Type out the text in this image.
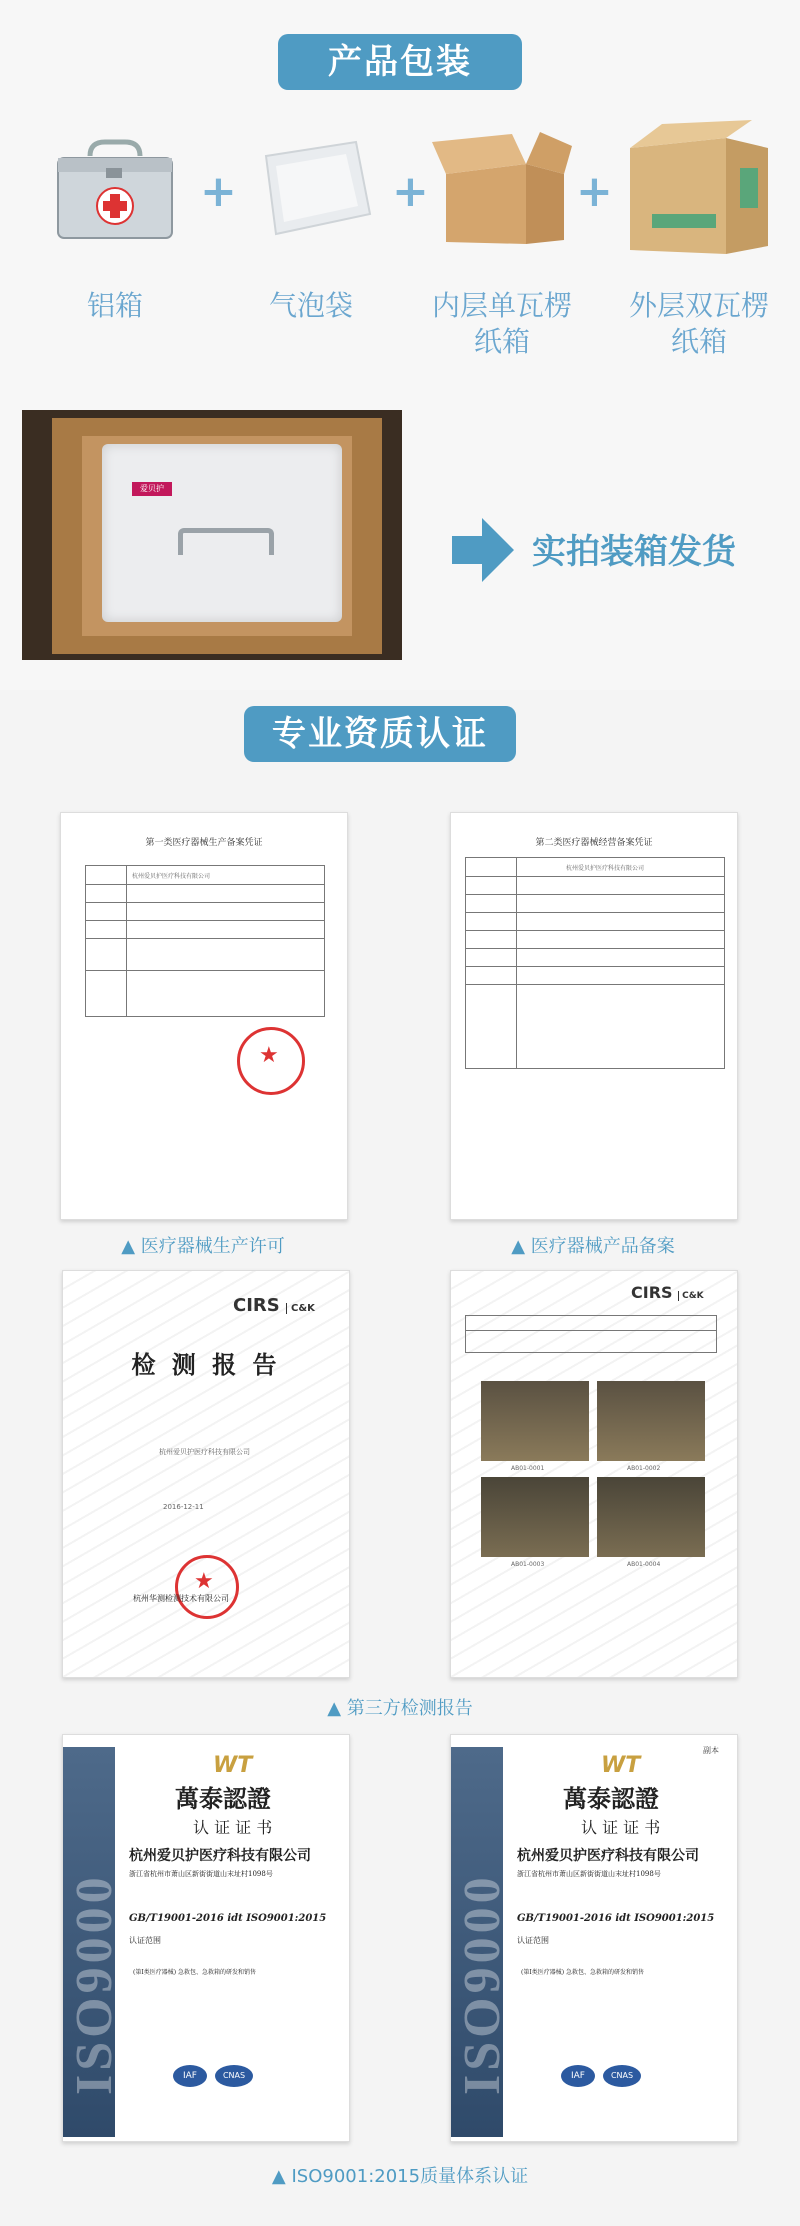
产品包装
+	+	+
铝箱	气泡袋	内层单瓦楞
纸箱
外层双瓦楞
纸箱
爱贝护
实拍装箱发货
专业资质认证
第一类医疗器械生产备案凭证
杭州爱贝护医疗科技有限公司
★
▲ 医疗器械生产许可
第二类医疗器械经营备案凭证
杭州爱贝护医疗科技有限公司
▲ 医疗器械产品备案
CIRS C&K
检 测 报 告
杭州爱贝护医疗科技有限公司
2016-12-11
★
杭州华测检测技术有限公司
CIRS C&K
AB01-0001	AB01-0002
AB01-0003	AB01-0004
▲ 第三方检测报告
ISO9000
WT
萬泰認證
认 证 证 书
杭州爱贝护医疗科技有限公司
浙江省杭州市萧山区新街街道山末址村1098号
GB/T19001-2016 idt ISO9001:2015
认证范围
(第Ⅰ类医疗器械) 急救包、急救箱的研发和销售
IAF	CNAS	ISO9000
副本
WT
萬泰認證
认 证 证 书
杭州爱贝护医疗科技有限公司
浙江省杭州市萧山区新街街道山末址村1098号
GB/T19001-2016 idt ISO9001:2015
认证范围
(第Ⅰ类医疗器械) 急救包、急救箱的研发和销售
IAF	CNAS
▲ ISO9001:2015质量体系认证
